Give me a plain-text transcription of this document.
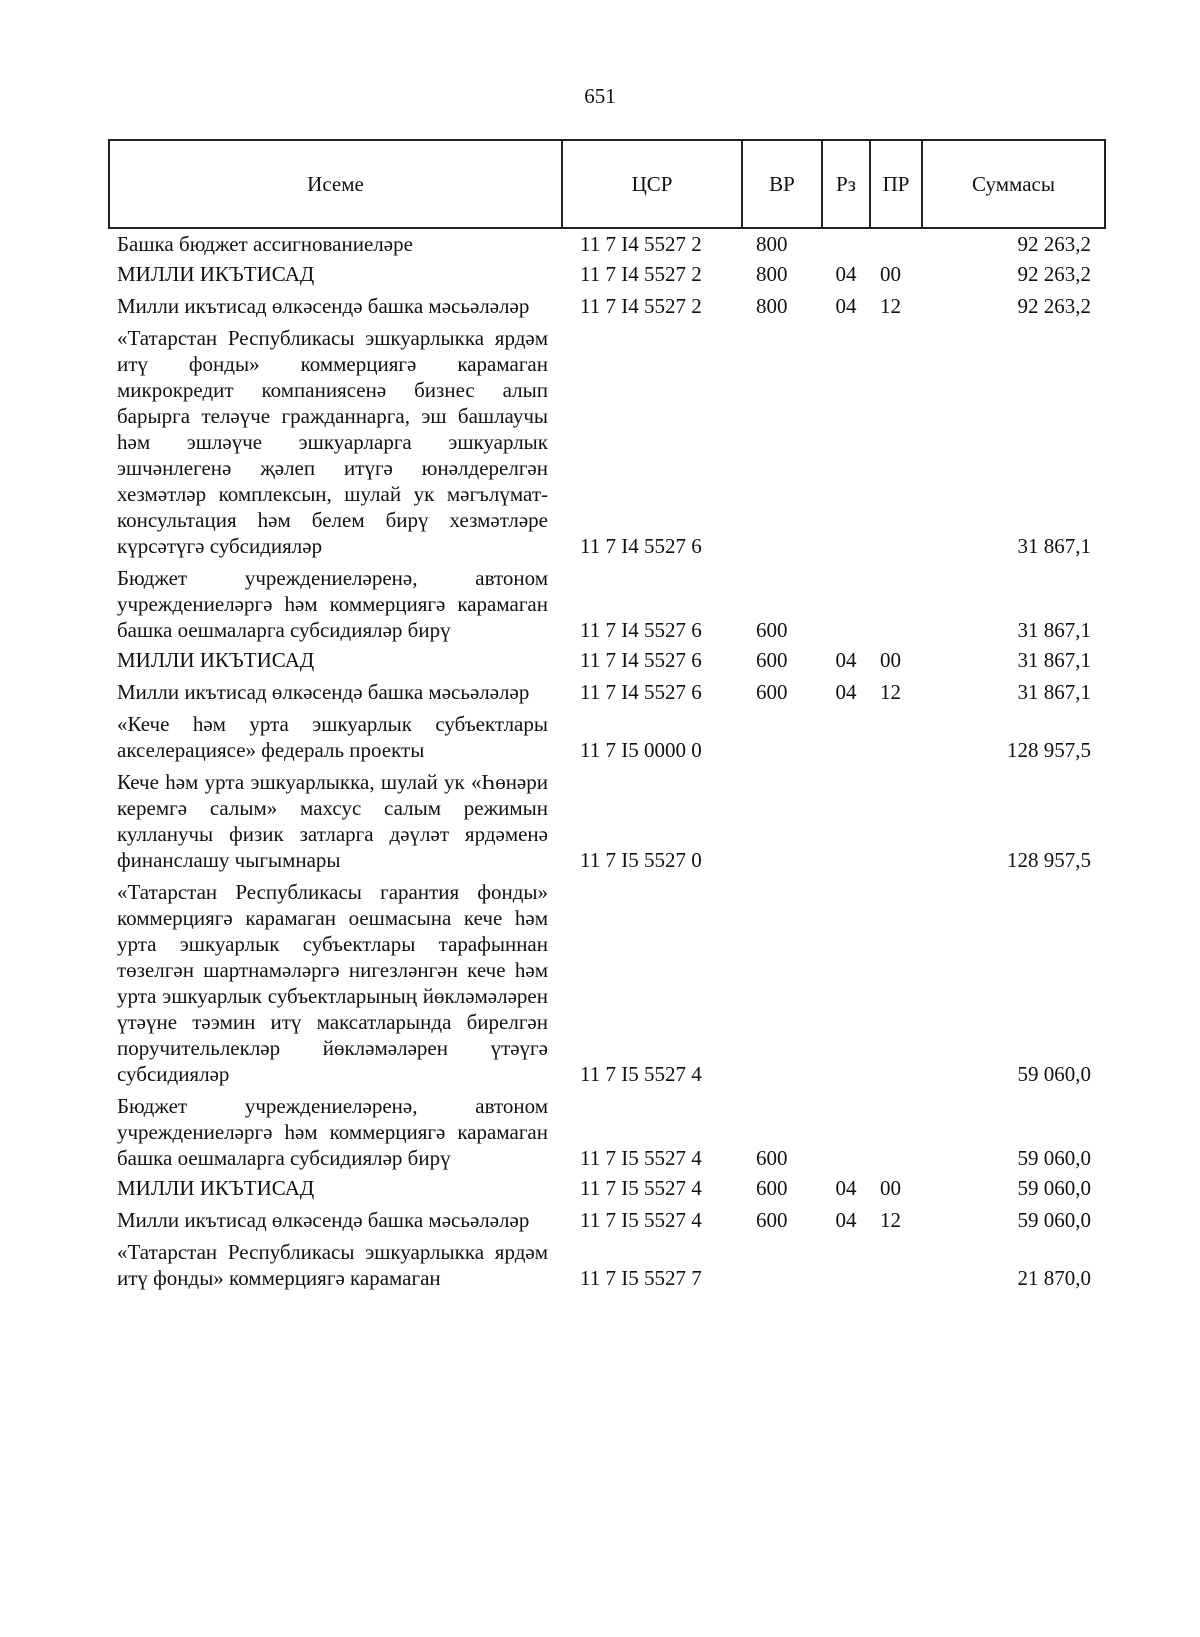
651
Исеме	ЦСР	ВР	Рз	ПР	Суммасы
Башка бюджет ассигнованиеләре	11 7 I4 5527 2	800			92 263,2
МИЛЛИ ИКЪТИСАД	11 7 I4 5527 2	800	04	00	92 263,2
Милли икътисад өлкәсендә башка мәсьәләләр	11 7 I4 5527 2	800	04	12	92 263,2
«Татарстан Республикасы эшкуарлыкка ярдәм итү фонды» коммерциягә карамаган микрокредит компаниясенә бизнес алып барырга теләүче гражданнарга, эш башлаучы һәм эшләүче эшкуарларга эшкуарлык эшчәнлегенә җәлеп итүгә юнәлдерелгән хезмәтләр комплексын, шулай ук мәгълүмат-консультация һәм белем бирү хезмәтләре күрсәтүгә субсидияләр	11 7 I4 5527 6				31 867,1
Бюджет учреждениеләренә, автоном учреждениеләргә һәм коммерциягә карамаган башка оешмаларга субсидияләр бирү	11 7 I4 5527 6	600			31 867,1
МИЛЛИ ИКЪТИСАД	11 7 I4 5527 6	600	04	00	31 867,1
Милли икътисад өлкәсендә башка мәсьәләләр	11 7 I4 5527 6	600	04	12	31 867,1
«Кече һәм урта эшкуарлык субъектлары акселерациясе» федераль проекты	11 7 I5 0000 0				128 957,5
Кече һәм урта эшкуарлыкка, шулай ук «Һөнәри керемгә салым» махсус салым режимын кулланучы физик затларга дәүләт ярдәменә финанслашу чыгымнары	11 7 I5 5527 0				128 957,5
«Татарстан Республикасы гарантия фонды» коммерциягә карамаган оешмасына кече һәм урта эшкуарлык субъектлары тарафыннан төзелгән шартнамәләргә нигезләнгән кече һәм урта эшкуарлык субъектларының йөкләмәләрен үтәүне тәэмин итү максатларында бирелгән поручительлекләр йөкләмәләрен үтәүгә субсидияләр	11 7 I5 5527 4				59 060,0
Бюджет учреждениеләренә, автоном учреждениеләргә һәм коммерциягә карамаган башка оешмаларга субсидияләр бирү	11 7 I5 5527 4	600			59 060,0
МИЛЛИ ИКЪТИСАД	11 7 I5 5527 4	600	04	00	59 060,0
Милли икътисад өлкәсендә башка мәсьәләләр	11 7 I5 5527 4	600	04	12	59 060,0
«Татарстан Республикасы эшкуарлыкка ярдәм итү фонды» коммерциягә карамаган	11 7 I5 5527 7				21 870,0
